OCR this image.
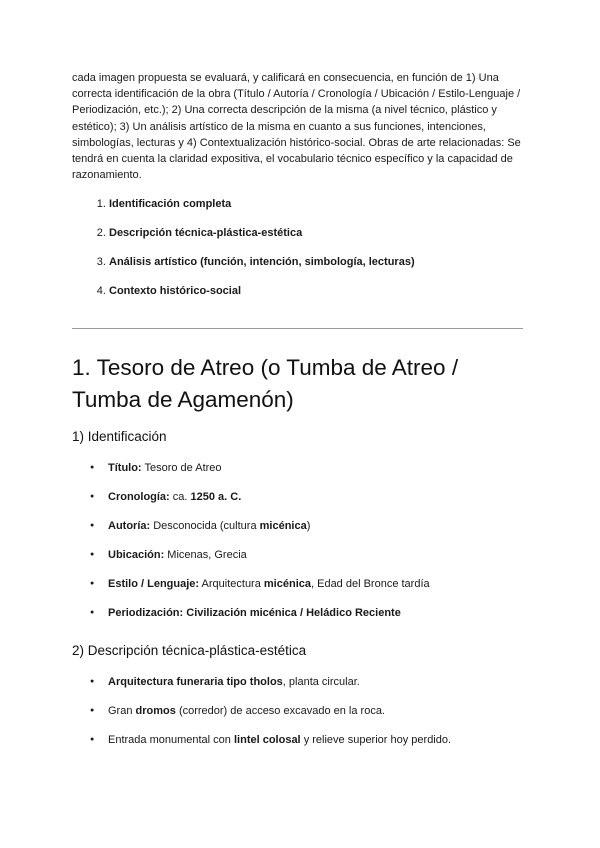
cada imagen propuesta se evaluará, y calificará en consecuencia, en función de 1) Una correcta identificación de la obra (Título / Autoría / Cronología / Ubicación / Estilo-Lenguaje / Periodización, etc.); 2) Una correcta descripción de la misma (a nivel técnico, plástico y estético); 3) Un análisis artístico de la misma en cuanto a sus funciones, intenciones, simbologías, lecturas y 4) Contextualización histórico-social. Obras de arte relacionadas: Se tendrá en cuenta la claridad expositiva, el vocabulario técnico específico y la capacidad de razonamiento.

1. Identificación completa
2. Descripción técnica-plástica-estética
3. Análisis artístico (función, intención, simbología, lecturas)
4. Contexto histórico-social
1. Tesoro de Atreo (o Tumba de Atreo / Tumba de Agamenón)
1) Identificación
● Título: Tesoro de Atreo
● Cronología: ca. 1250 a. C.
● Autoría: Desconocida (cultura micénica)
● Ubicación: Micenas, Grecia
● Estilo / Lenguaje: Arquitectura micénica, Edad del Bronce tardía
● Periodización: Civilización micénica / Heládico Reciente
2) Descripción técnica-plástica-estética
● Arquitectura funeraria tipo tholos, planta circular.
● Gran dromos (corredor) de acceso excavado en la roca.
● Entrada monumental con lintel colosal y relieve superior hoy perdido.
